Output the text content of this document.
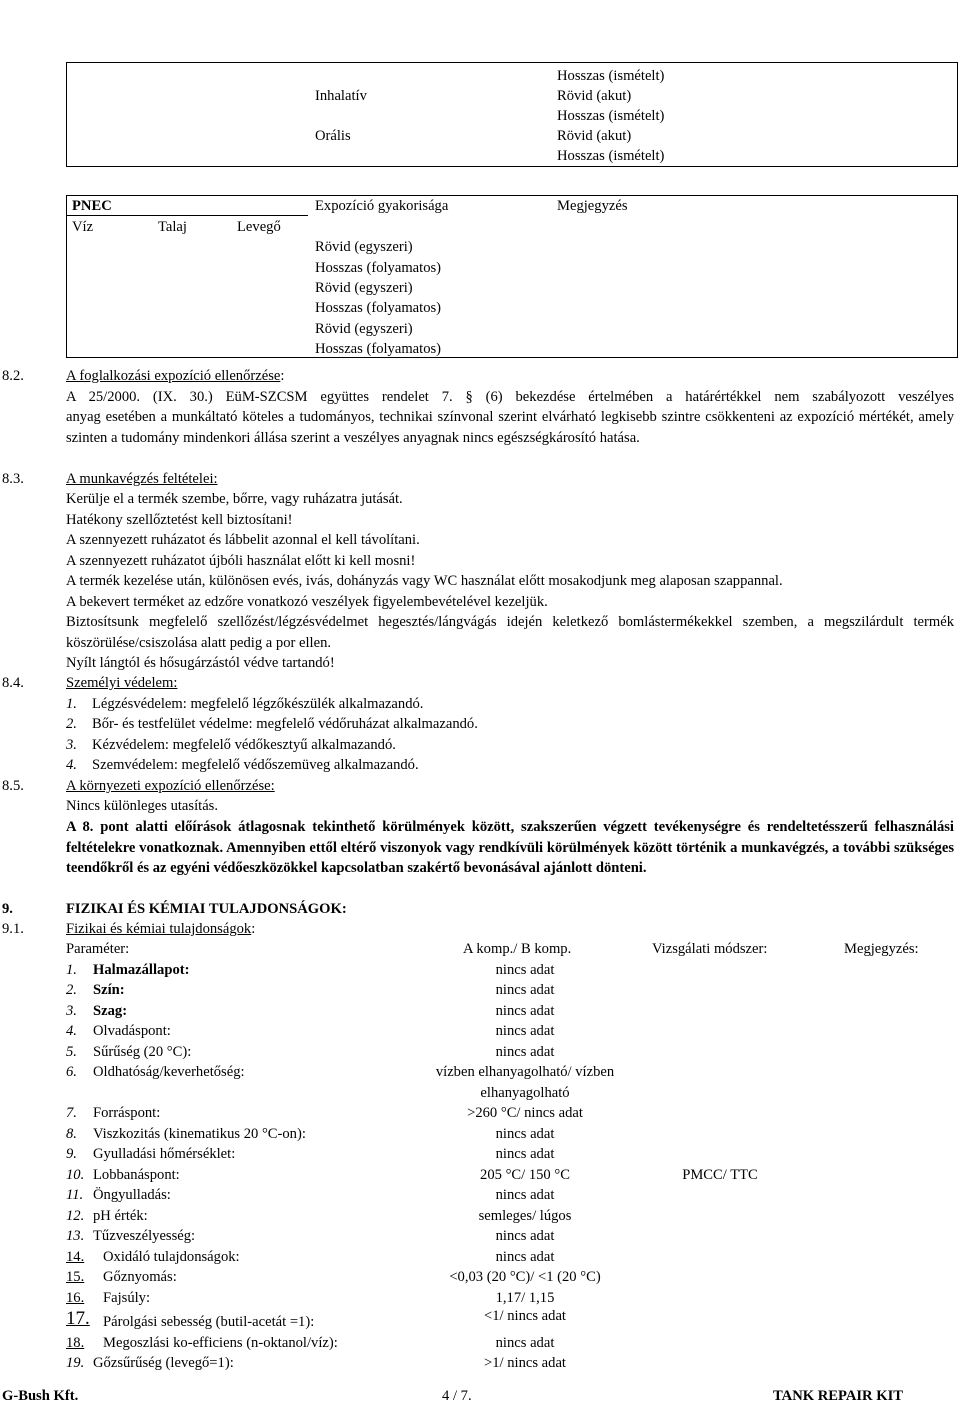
Elkészítés időpontja: 2011. július 3.
Felülvizsgálat időpontja: 2014. november 8.
Hosszas (ismételt)
Inhalatív	Rövid (akut)
Hosszas (ismételt)
Orális	Rövid (akut)
Hosszas (ismételt)
PNEC	Expozíció gyakorisága	Megjegyzés
Víz	Talaj	Levegő
Rövid (egyszeri)
Hosszas (folyamatos)
Rövid (egyszeri)
Hosszas (folyamatos)
Rövid (egyszeri)
Hosszas (folyamatos)
8.2.	A foglalkozási expozíció ellenőrzése:
A 25/2000. (IX. 30.) EüM-SZCSM együttes rendelet 7. § (6) bekezdése értelmében a határértékkel nem szabályozott veszélyes
anyag esetében a munkáltató köteles a tudományos, technikai színvonal szerint elvárható legkisebb szintre csökkenteni az expozíció mértékét, amely szinten a tudomány mindenkori állása szerint a veszélyes anyagnak nincs egészségkárosító hatása.
8.3.	A munkavégzés feltételei:
Kerülje el a termék szembe, bőrre, vagy ruházatra jutását.
Hatékony szellőztetést kell biztosítani!
A szennyezett ruházatot és lábbelit azonnal el kell távolítani.
A szennyezett ruházatot újbóli használat előtt ki kell mosni!
A termék kezelése után, különösen evés, ivás, dohányzás vagy WC használat előtt mosakodjunk meg alaposan szappannal.
A bekevert terméket az edzőre vonatkozó veszélyek figyelembevételével kezeljük.
Biztosítsunk megfelelő szellőzést/légzésvédelmet hegesztés/lángvágás idején keletkező bomlástermékekkel szemben, a megszilárdult termék köszörülése/csiszolása alatt pedig a por ellen.
Nyílt lángtól és hősugárzástól védve tartandó!
8.4.	Személyi védelem:
1. Légzésvédelem: megfelelő légzőkészülék alkalmazandó.
2. Bőr- és testfelület védelme: megfelelő védőruházat alkalmazandó.
3. Kézvédelem: megfelelő védőkesztyű alkalmazandó.
4. Szemvédelem: megfelelő védőszemüveg alkalmazandó.
8.5.	A környezeti expozíció ellenőrzése:
Nincs különleges utasítás.
A 8. pont alatti előírások átlagosnak tekinthető körülmények között, szakszerűen végzett tevékenységre és rendeltetésszerű felhasználási feltételekre vonatkoznak. Amennyiben ettől eltérő viszonyok vagy rendkívüli körülmények között történik a munkavégzés, a további szükséges teendőkről és az egyéni védőeszközökkel kapcsolatban szakértő bevonásával ajánlott dönteni.
9.	FIZIKAI ÉS KÉMIAI TULAJDONSÁGOK:
9.1.	Fizikai és kémiai tulajdonságok:
Paraméter:	A komp./ B komp.	Vizsgálati módszer:	Megjegyzés:
1. Halmazállapot:	nincs adat
2. Szín:	nincs adat
3. Szag:	nincs adat
4. Olvadáspont:	nincs adat
5. Sűrűség (20 °C):	nincs adat
6. Oldhatóság/keverhetőség:	vízben elhanyagolható/ vízben
elhanyagolható
7. Forráspont:	>260 °C/ nincs adat
8. Viszkozitás (kinematikus 20 °C-on):	nincs adat
9. Gyulladási hőmérséklet:	nincs adat
10. Lobbanáspont:	205 °C/ 150 °C	PMCC/ TTC
11. Öngyulladás:	nincs adat
12. pH érték:	semleges/ lúgos
13. Tűzveszélyesség:	nincs adat
14. Oxidáló tulajdonságok:	nincs adat
15. Gőznyomás:	<0,03 (20 °C)/ <1 (20 °C)
16. Fajsúly:	1,17/ 1,15
17. Párolgási sebesség (butil-acetát =1):	<1/ nincs adat
18. Megoszlási ko-efficiens (n-oktanol/víz):	nincs adat
19. Gőzsűrűség (levegő=1):	>1/ nincs adat
G-Bush Kft.	4 / 7.	TANK REPAIR KIT
